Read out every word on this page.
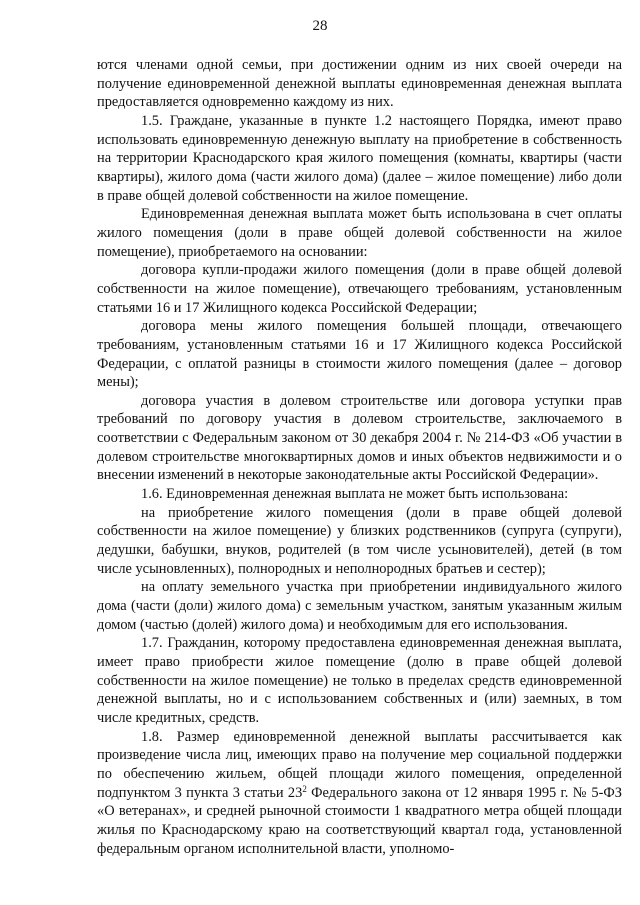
28

ются членами одной семьи, при достижении одним из них своей очереди на получение единовременной денежной выплаты единовременная денежная выплата предоставляется одновременно каждому из них.

1.5. Граждане, указанные в пункте 1.2 настоящего Порядка, имеют право использовать единовременную денежную выплату на приобретение в собственность на территории Краснодарского края жилого помещения (комнаты, квартиры (части квартиры), жилого дома (части жилого дома) (далее – жилое помещение) либо доли в праве общей долевой собственности на жилое помещение.

Единовременная денежная выплата может быть использована в счет оплаты жилого помещения (доли в праве общей долевой собственности на жилое помещение), приобретаемого на основании:

договора купли-продажи жилого помещения (доли в праве общей долевой собственности на жилое помещение), отвечающего требованиям, установленным статьями 16 и 17 Жилищного кодекса Российской Федерации;

договора мены жилого помещения большей площади, отвечающего требованиям, установленным статьями 16 и 17 Жилищного кодекса Российской Федерации, с оплатой разницы в стоимости жилого помещения (далее – договор мены);

договора участия в долевом строительстве или договора уступки прав требований по договору участия в долевом строительстве, заключаемого в соответствии с Федеральным законом от 30 декабря 2004 г. № 214-ФЗ «Об участии в долевом строительстве многоквартирных домов и иных объектов недвижимости и о внесении изменений в некоторые законодательные акты Российской Федерации».

1.6. Единовременная денежная выплата не может быть использована:

на приобретение жилого помещения (доли в праве общей долевой собственности на жилое помещение) у близких родственников (супруга (супруги), дедушки, бабушки, внуков, родителей (в том числе усыновителей), детей (в том числе усыновленных), полнородных и неполнородных братьев и сестер);

на оплату земельного участка при приобретении индивидуального жилого дома (части (доли) жилого дома) с земельным участком, занятым указанным жилым домом (частью (долей) жилого дома) и необходимым для его использования.

1.7. Гражданин, которому предоставлена единовременная денежная выплата, имеет право приобрести жилое помещение (долю в праве общей долевой собственности на жилое помещение) не только в пределах средств единовременной денежной выплаты, но и с использованием собственных и (или) заемных, в том числе кредитных, средств.

1.8. Размер единовременной денежной выплаты рассчитывается как произведение числа лиц, имеющих право на получение мер социальной поддержки по обеспечению жильем, общей площади жилого помещения, определенной подпунктом 3 пункта 3 статьи $23^2$ Федерального закона от 12 января 1995 г. № 5-ФЗ «О ветеранах», и средней рыночной стоимости 1 квадратного метра общей площади жилья по Краснодарскому краю на соответствующий квартал года, установленной федеральным органом исполнительной власти, уполномо-
